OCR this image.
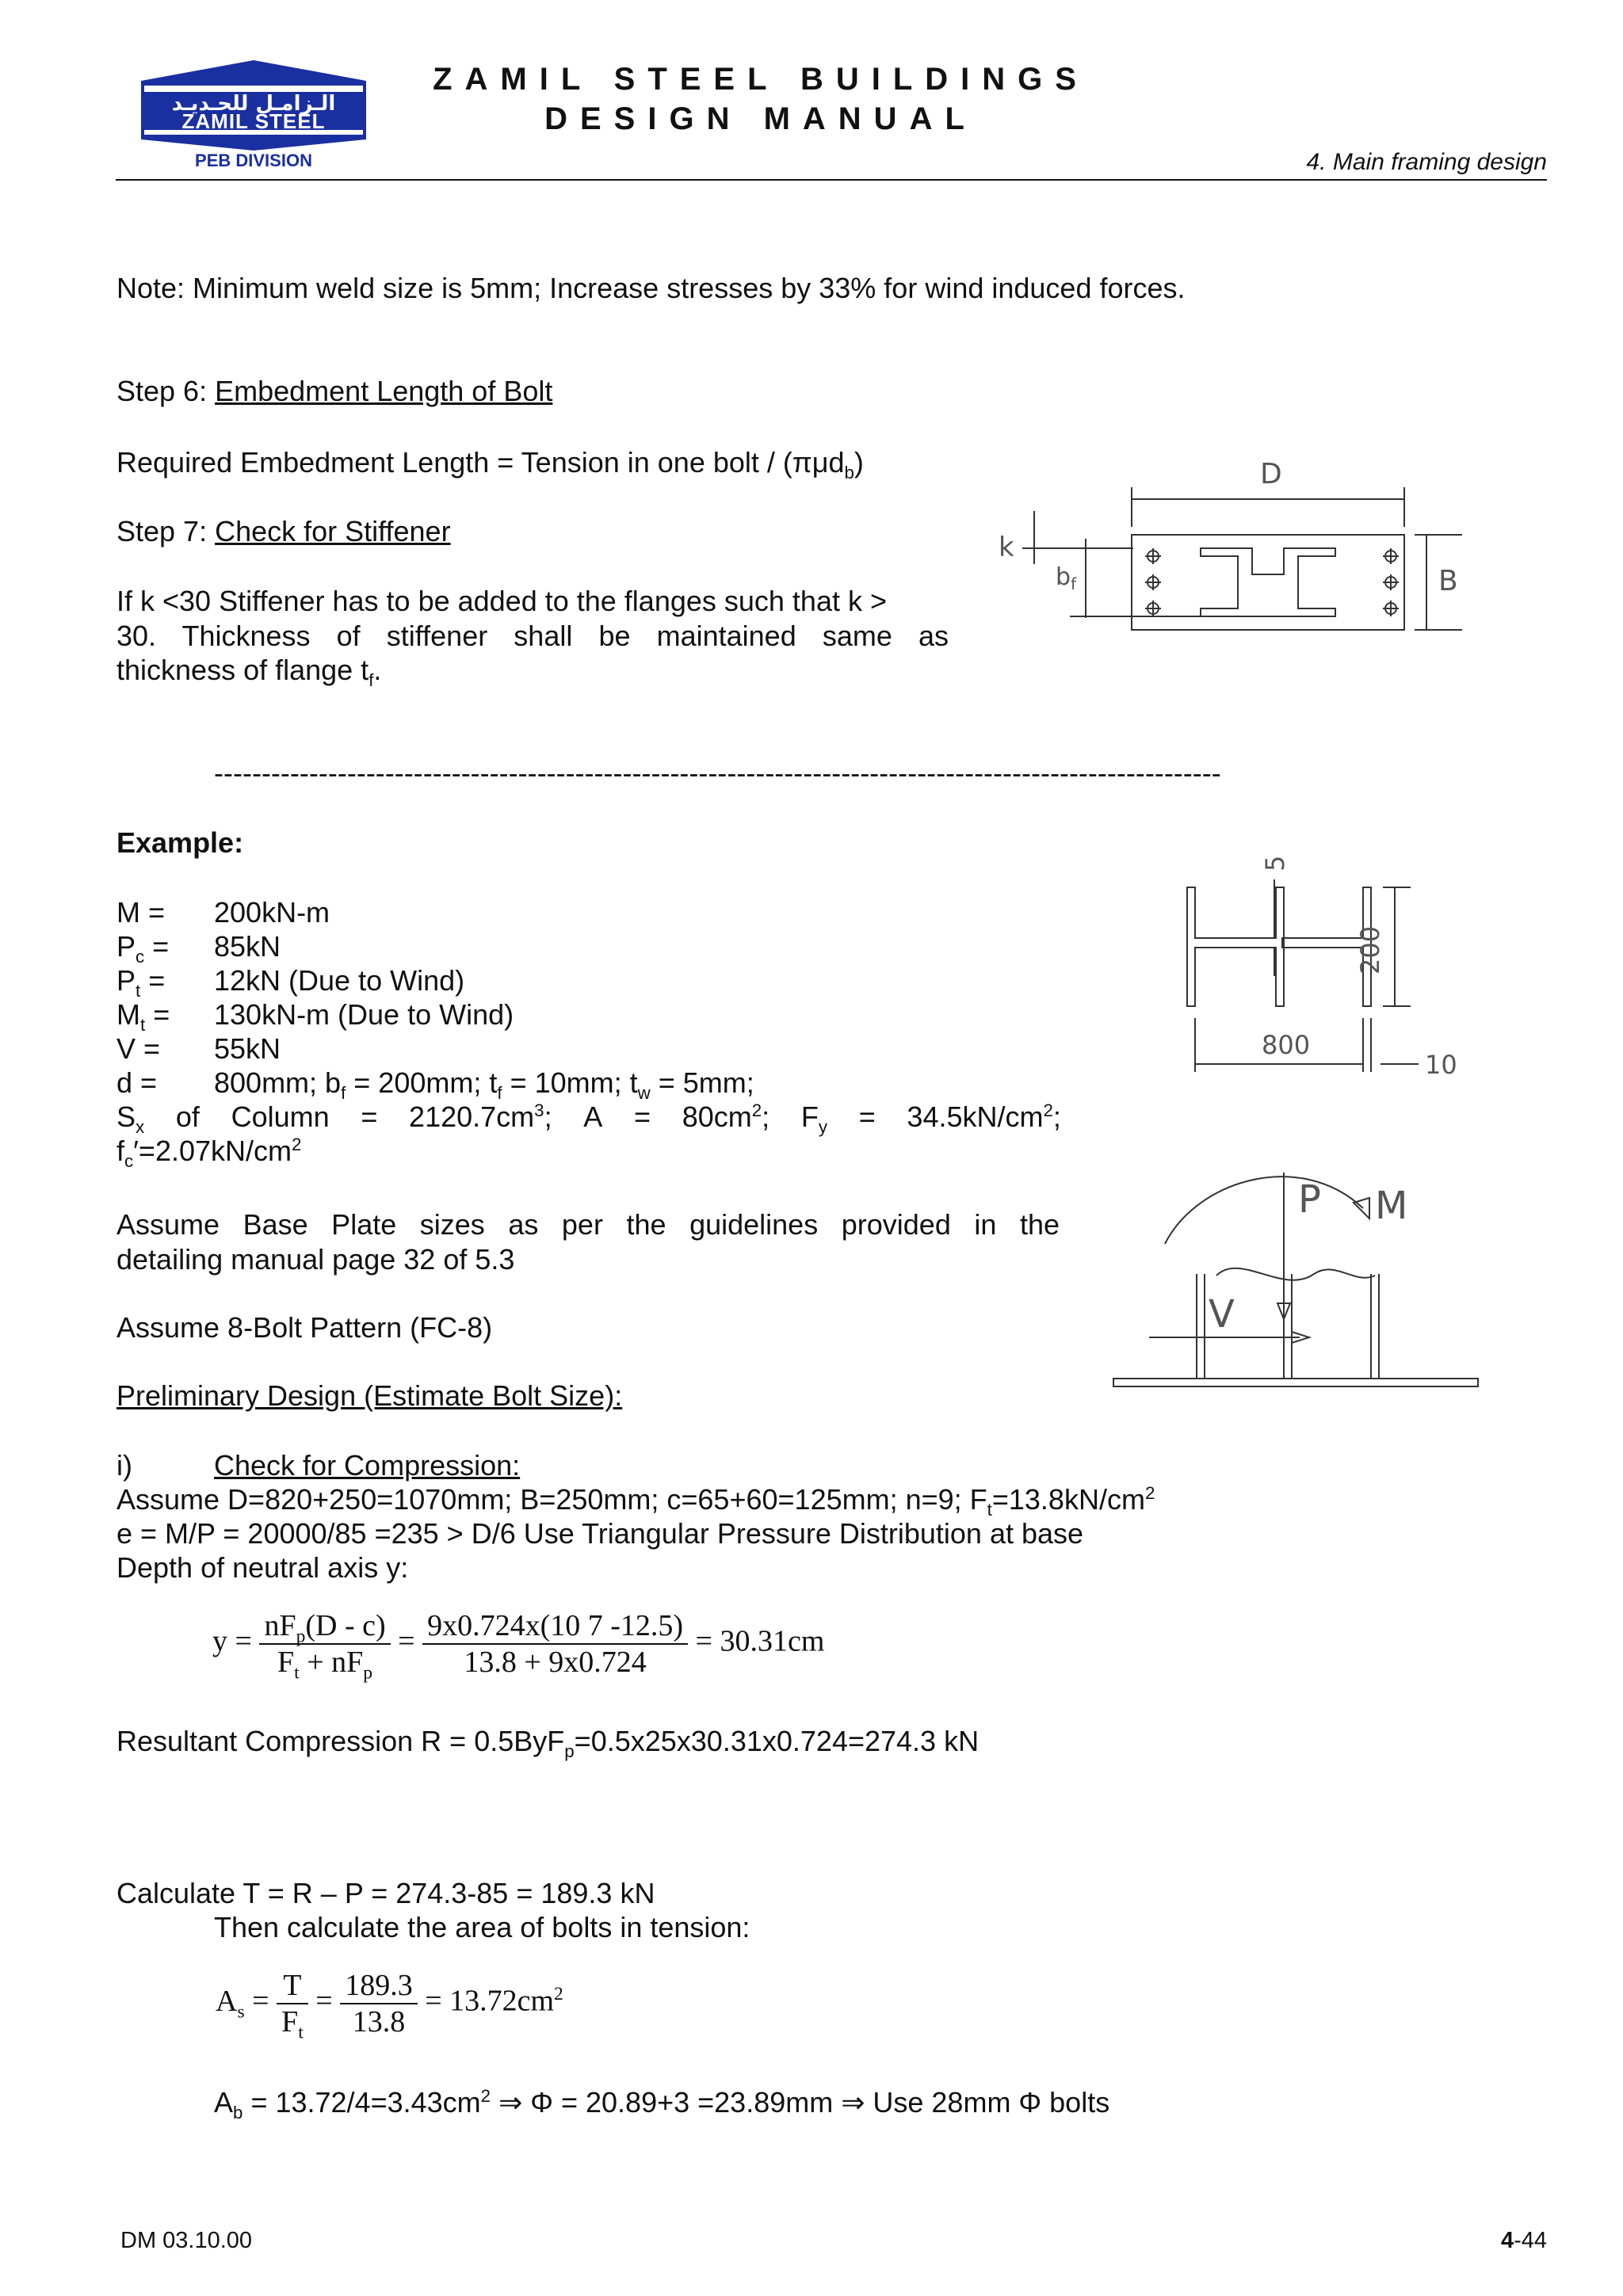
الـزامـل للحـديـد
ZAMIL STEEL
PEB DIVISION
ZAMIL STEEL BUILDINGS
DESIGN MANUAL
4. Main framing design
Note: Minimum weld size is 5mm; Increase stresses by 33% for wind induced forces.
Step 6: Embedment Length of Bolt
Required Embedment Length = Tension in one bolt / (πμd$_b$)
Step 7: Check for Stiffener
If k <30 Stiffener has to be added to the flanges such that k >
30. Thickness of stiffener shall be maintained same as
thickness of flange $t_f$.
D
B
k
$b_f$
----------------------------------------------------------------------------------------------------------
Example:
M = 200kN-m
$P_c = 85kN$
$P_t = 12kN$ (Due to Wind)
$M_t = 130kN-m$ (Due to Wind)
V = 55kN
d = 800mm; $b_f = 200mm$; $t_f = 10mm$; $t_w = 5mm$;
$S_x$ of Column = $2120.7cm^3$; $A = 80cm^2$; $F_y = 34.5kN/cm^2$;
$f_c'=2.07kN/cm^2$
5
200
800
10
Assume Base Plate sizes as per the guidelines provided in the
detailing manual page 32 of 5.3
P M
V
Assume 8-Bolt Pattern (FC-8)
Preliminary Design (Estimate Bolt Size):
i)	Check for Compression:
Assume D=820+250=1070mm; B=250mm; c=65+60=125mm; n=9; $F_t=13.8kN/cm^2$
e = M/P = 20000/85 =235 > D/6 Use Triangular Pressure Distribution at base
Depth of neutral axis y:
$y = \frac{nF_p(D - c)}{F_t + nF_p} = \frac{9x0.724x(10 7 -12.5)}{13.8 + 9x0.724} = 30.31cm$
Resultant Compression R = 0.5ByF$_p$=0.5x25x30.31x0.724=274.3 kN
Calculate T = R – P = 274.3-85 = 189.3 kN
Then calculate the area of bolts in tension:
$A_s = \frac{T}{F_t} = \frac{189.3}{13.8} = 13.72cm^2$
$A_b = 13.72/4=3.43cm^2$ ⇒ Φ = 20.89+3 =23.89mm ⇒ Use 28mm Φ bolts
DM 03.10.00	4-44
